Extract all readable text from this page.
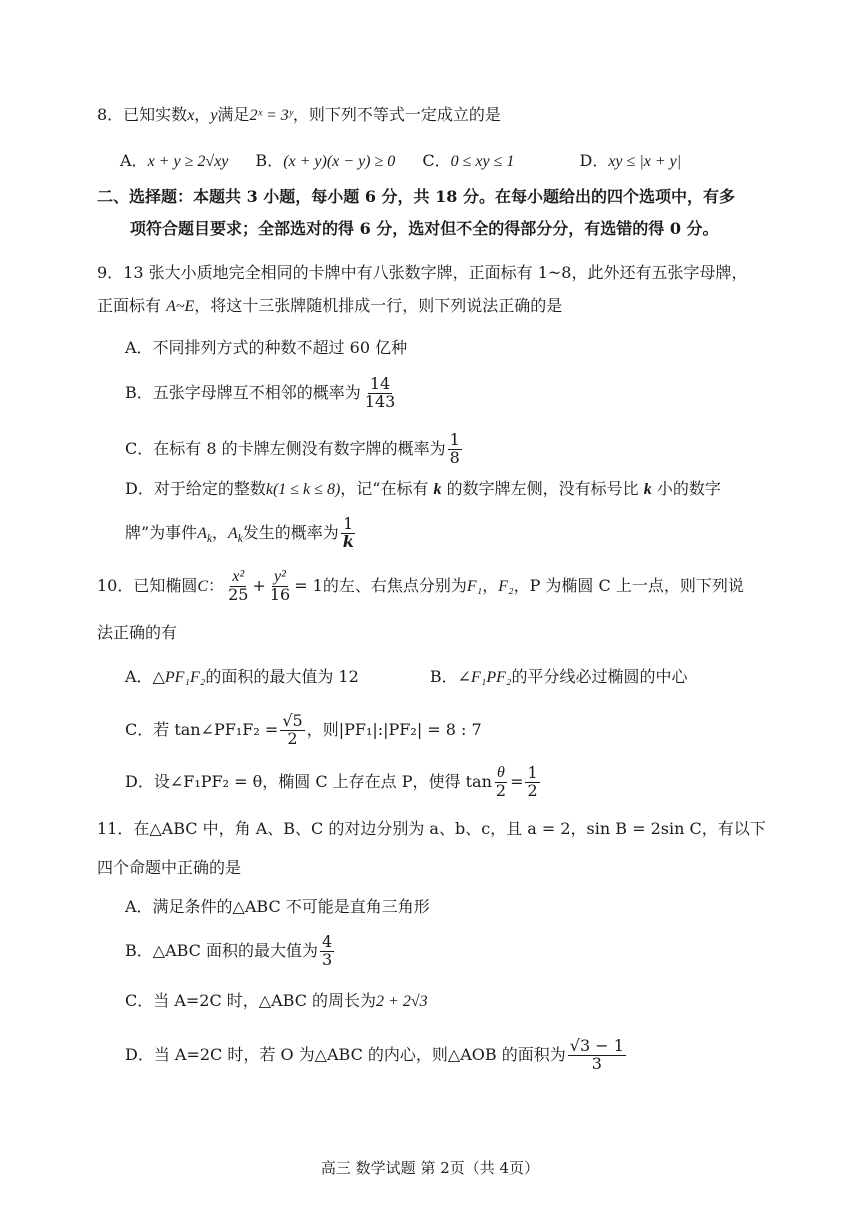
8．已知实数x，y满足2ˣ = 3ʸ，则下列不等式一定成立的是
A．x + y ≥ 2√xy B．(x + y)(x − y) ≥ 0 C．0 ≤ xy ≤ 1	D．xy ≤ |x + y|
二、选择题：本题共 3 小题，每小题 6 分，共 18 分。在每小题给出的四个选项中，有多
项符合题目要求；全部选对的得 6 分，选对但不全的得部分分，有选错的得 0 分。
9．13 张大小质地完全相同的卡牌中有八张数字牌，正面标有 1~8，此外还有五张字母牌，
正面标有 A~E，将这十三张牌随机排成一行，则下列说法正确的是
A．不同排列方式的种数不超过 60 亿种
B．五张字母牌互不相邻的概率为 $\frac{14}{143}$
C．在标有 8 的卡牌左侧没有数字牌的概率为 $\frac{1}{8}$
D．对于给定的整数k(1 ≤ k ≤ 8)，记“在标有 k 的数字牌左侧，没有标号比 k 小的数字
牌”为事件$A_k$，$A_k$发生的概率为 $\frac{1}{k}$
10．已知椭圆C： $\frac{\text{x²}}{25} + \frac{\text{y²}}{16} = 1$的左、右焦点分别为F₁，F₂，P 为椭圆 C 上一点，则下列说
法正确的有
A．△PF₁F₂的面积的最大值为 12	B．∠F₁PF₂的平分线必过椭圆的中心
C．若 tan∠PF₁F₂ = $\frac{√5}{2}$ ，则|PF₁|:|PF₂| = 8 : 7
D．设∠F₁PF₂ = θ，椭圆 C 上存在点 P，使得 $\tan \frac{\theta}{2} = \frac{1}{2}$
11．在△ABC 中，角 A、B、C 的对边分别为 a、b、c，且 a = 2，sin B = 2sin C，有以下
四个命题中正确的是
A．满足条件的△ABC 不可能是直角三角形
B．△ABC 面积的最大值为 $\frac{4}{3}$
C．当 A=2C 时，△ABC 的周长为2 + 2√3
D．当 A=2C 时，若 O 为△ABC 的内心，则△AOB 的面积为 $\frac{√3 - 1}{3}$
高三 数学试题 第 2页（共 4页）
